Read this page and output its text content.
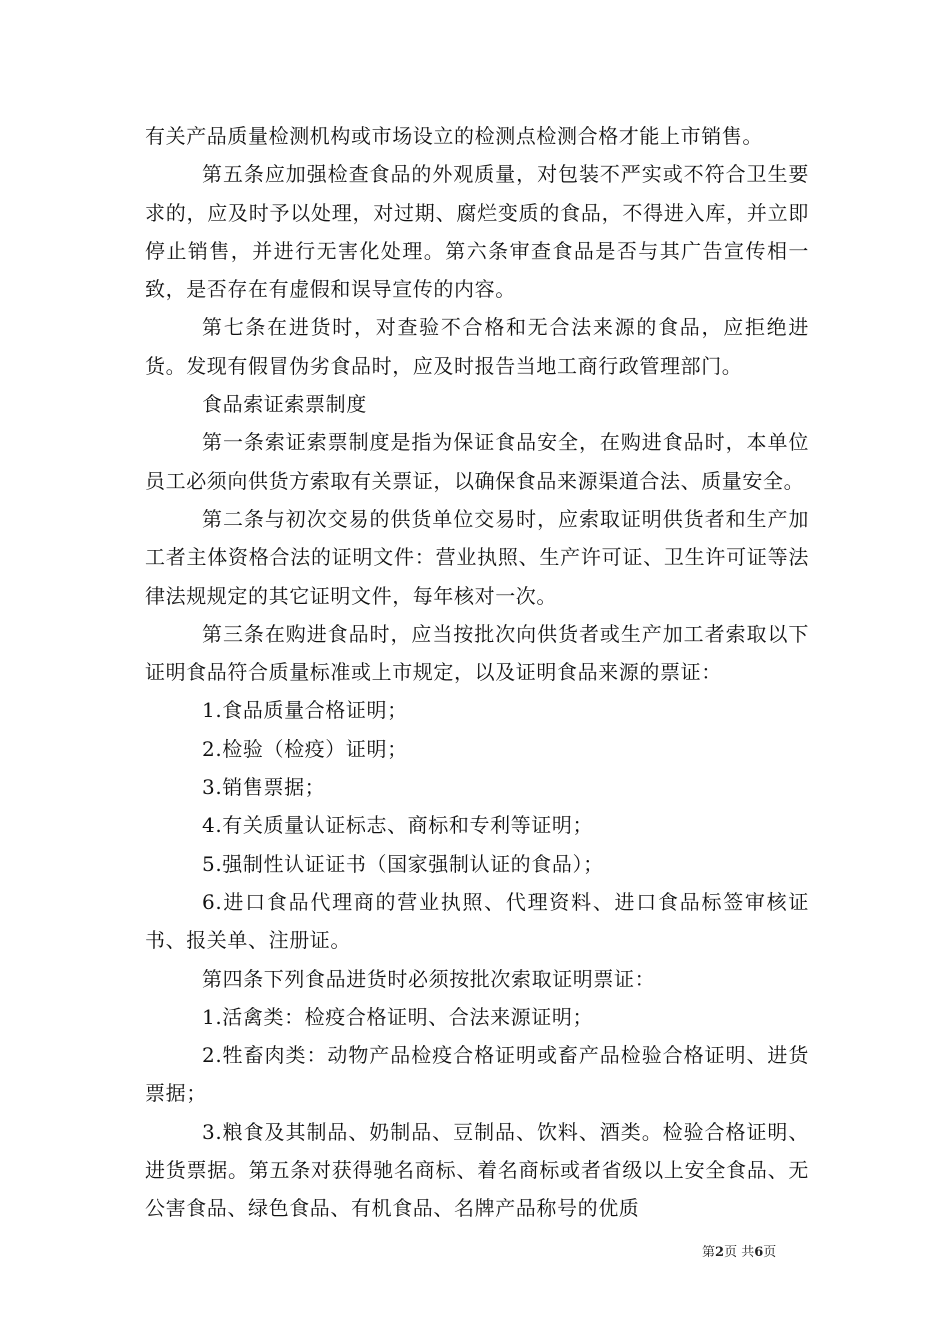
有关产品质量检测机构或市场设立的检测点检测合格才能上市销售。

第五条应加强检查食品的外观质量，对包装不严实或不符合卫生要求的，应及时予以处理，对过期、腐烂变质的食品，不得进入库，并立即停止销售，并进行无害化处理。第六条审查食品是否与其广告宣传相一致，是否存在有虚假和误导宣传的内容。

第七条在进货时，对查验不合格和无合法来源的食品，应拒绝进货。发现有假冒伪劣食品时，应及时报告当地工商行政管理部门。

食品索证索票制度

第一条索证索票制度是指为保证食品安全，在购进食品时，本单位员工必须向供货方索取有关票证，以确保食品来源渠道合法、质量安全。

第二条与初次交易的供货单位交易时，应索取证明供货者和生产加工者主体资格合法的证明文件：营业执照、生产许可证、卫生许可证等法律法规规定的其它证明文件，每年核对一次。

第三条在购进食品时，应当按批次向供货者或生产加工者索取以下证明食品符合质量标准或上市规定，以及证明食品来源的票证：

1.食品质量合格证明；

2.检验（检疫）证明；

3.销售票据；

4.有关质量认证标志、商标和专利等证明；

5.强制性认证证书（国家强制认证的食品）；

6.进口食品代理商的营业执照、代理资料、进口食品标签审核证书、报关单、注册证。

第四条下列食品进货时必须按批次索取证明票证：

1.活禽类：检疫合格证明、合法来源证明；

2.牲畜肉类：动物产品检疫合格证明或畜产品检验合格证明、进货票据；

3.粮食及其制品、奶制品、豆制品、饮料、酒类。检验合格证明、进货票据。第五条对获得驰名商标、着名商标或者省级以上安全食品、无公害食品、绿色食品、有机食品、名牌产品称号的优质

第2页 共6页
